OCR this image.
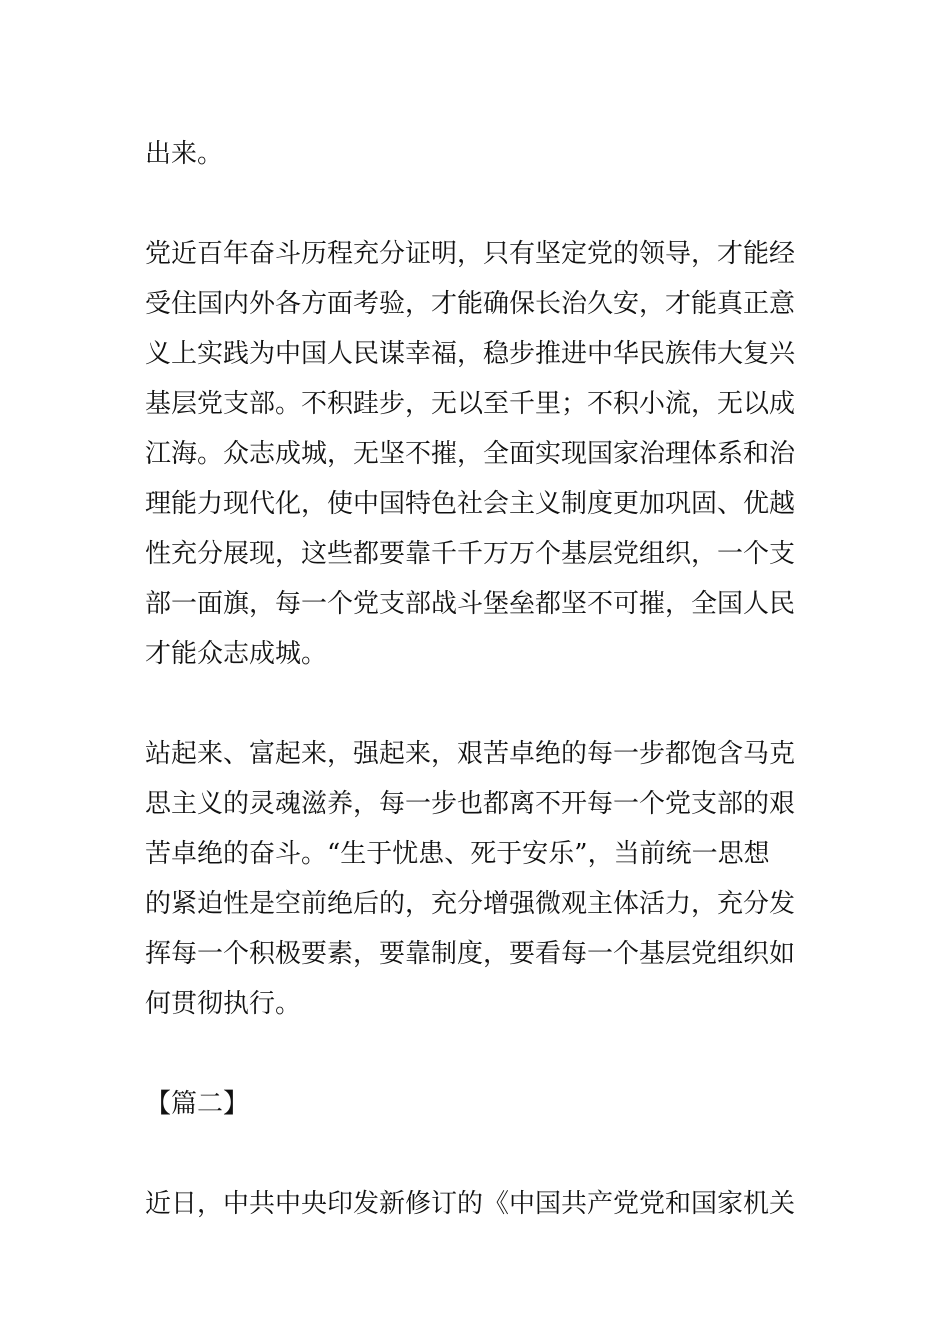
出来。
党近百年奋斗历程充分证明，只有坚定党的领导，才能经
受住国内外各方面考验，才能确保长治久安，才能真正意
义上实践为中国人民谋幸福，稳步推进中华民族伟大复兴
基层党支部。不积跬步，无以至千里；不积小流，无以成
江海。众志成城，无坚不摧，全面实现国家治理体系和治
理能力现代化，使中国特色社会主义制度更加巩固、优越
性充分展现，这些都要靠千千万万个基层党组织，一个支
部一面旗，每一个党支部战斗堡垒都坚不可摧，全国人民
才能众志成城。
站起来、富起来，强起来，艰苦卓绝的每一步都饱含马克
思主义的灵魂滋养，每一步也都离不开每一个党支部的艰
苦卓绝的奋斗。“生于忧患、死于安乐”，当前统一思想
的紧迫性是空前绝后的，充分增强微观主体活力，充分发
挥每一个积极要素，要靠制度，要看每一个基层党组织如
何贯彻执行。
【篇二】
近日，中共中央印发新修订的《中国共产党党和国家机关
